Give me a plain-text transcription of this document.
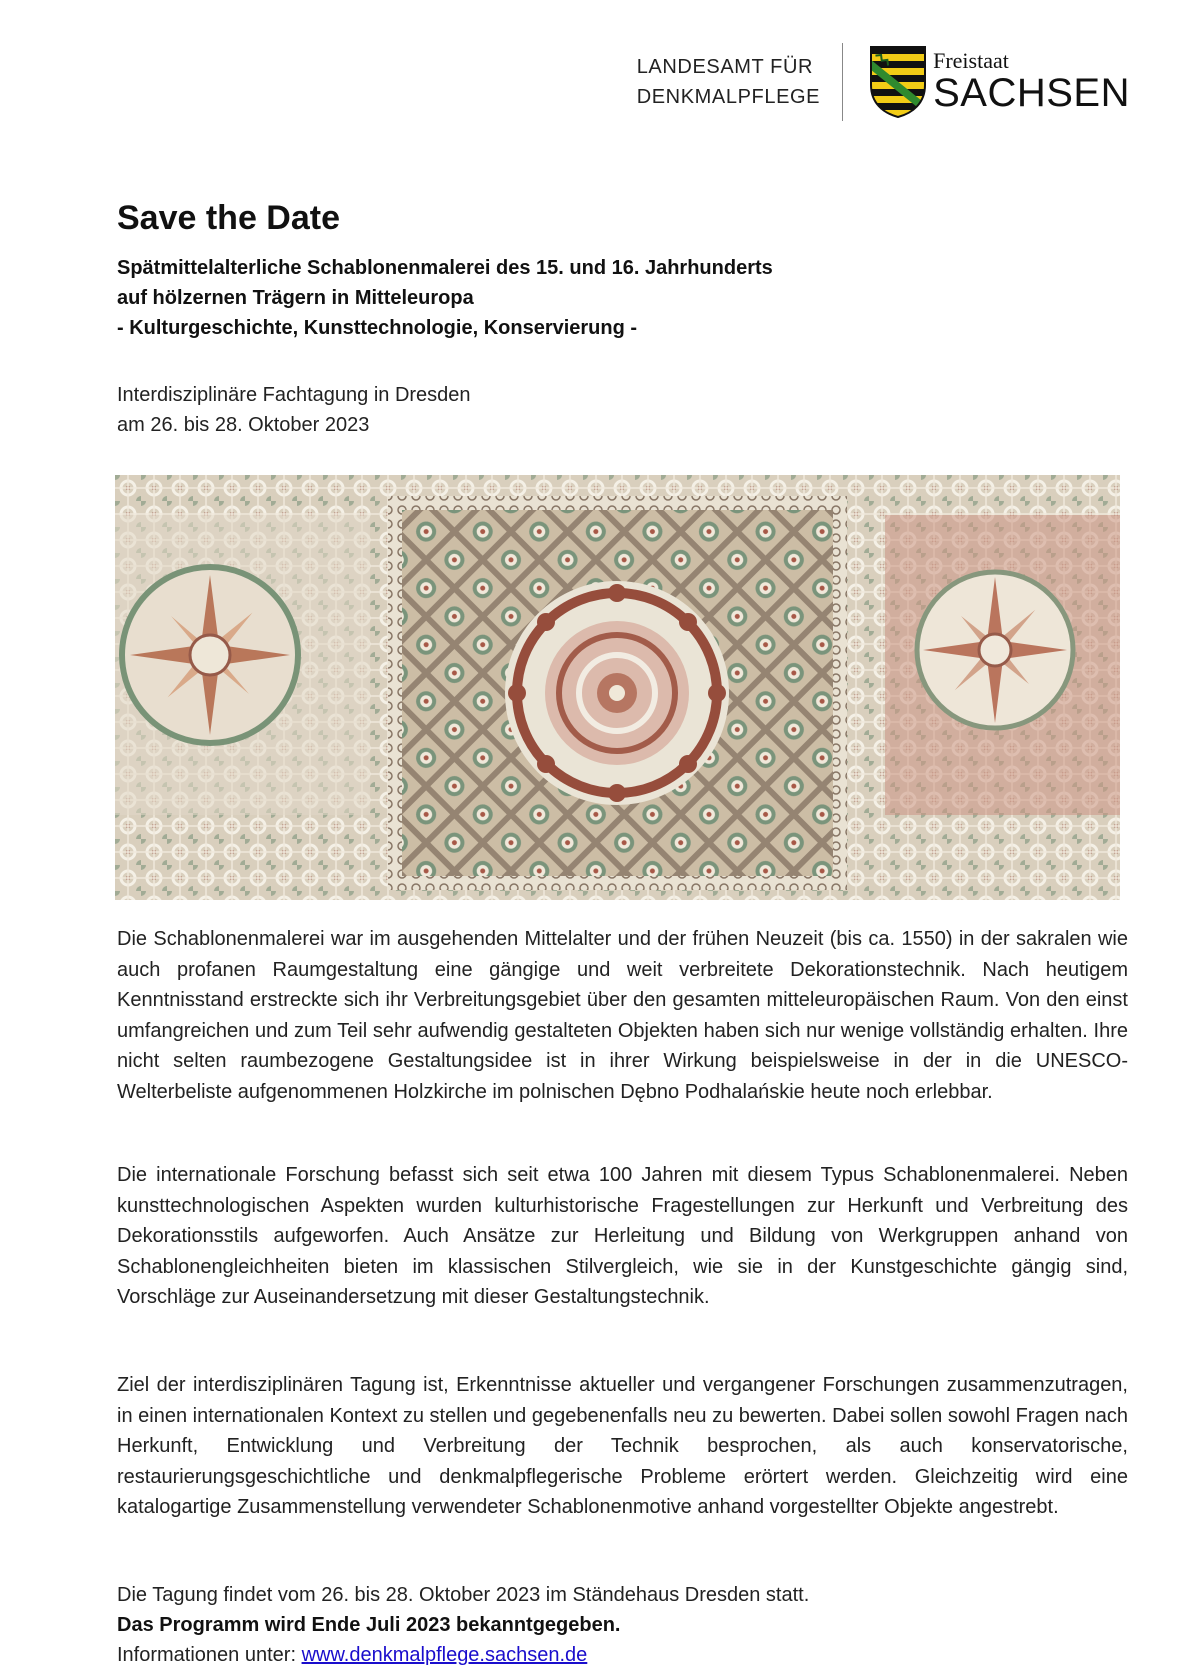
LANDESAMT FÜR
DENKMALPFLEGE
Freistaat
SACHSEN
Save the Date
Spätmittelalterliche Schablonenmalerei des 15. und 16. Jahrhunderts
auf hölzernen Trägern in Mitteleuropa
- Kulturgeschichte, Kunsttechnologie, Konservierung -
Interdisziplinäre Fachtagung in Dresden
am 26. bis 28. Oktober 2023

Die Schablonenmalerei war im ausgehenden Mittelalter und der frühen Neuzeit (bis ca. 1550) in der sakralen wie auch profanen Raumgestaltung eine gängige und weit verbreitete Dekorationstechnik. Nach heutigem Kenntnisstand erstreckte sich ihr Verbreitungsgebiet über den gesamten mitteleuropäischen Raum. Von den einst umfangreichen und zum Teil sehr aufwendig gestalteten Objekten haben sich nur wenige vollständig erhalten. Ihre nicht selten raumbezogene Gestaltungsidee ist in ihrer Wirkung beispielsweise in der in die UNESCO-Welterbeliste aufgenommenen Holzkirche im polnischen Dębno Podhalańskie heute noch erlebbar.

Die internationale Forschung befasst sich seit etwa 100 Jahren mit diesem Typus Schablonenmalerei. Neben kunsttechnologischen Aspekten wurden kulturhistorische Fragestellungen zur Herkunft und Verbreitung des Dekorationsstils aufgeworfen. Auch Ansätze zur Herleitung und Bildung von Werkgruppen anhand von Schablonengleichheiten bieten im klassischen Stilvergleich, wie sie in der Kunstgeschichte gängig sind, Vorschläge zur Auseinandersetzung mit dieser Gestaltungstechnik.

Ziel der interdisziplinären Tagung ist, Erkenntnisse aktueller und vergangener Forschungen zusammenzutragen, in einen internationalen Kontext zu stellen und gegebenenfalls neu zu bewerten. Dabei sollen sowohl Fragen nach Herkunft, Entwicklung und Verbreitung der Technik besprochen, als auch konservatorische, restaurierungsgeschichtliche und denkmalpflegerische Probleme erörtert werden. Gleichzeitig wird eine katalogartige Zusammenstellung verwendeter Schablonenmotive anhand vorgestellter Objekte angestrebt.

Die Tagung findet vom 26. bis 28. Oktober 2023 im Ständehaus Dresden statt.
Das Programm wird Ende Juli 2023 bekanntgegeben.
Informationen unter: www.denkmalpflege.sachsen.de
